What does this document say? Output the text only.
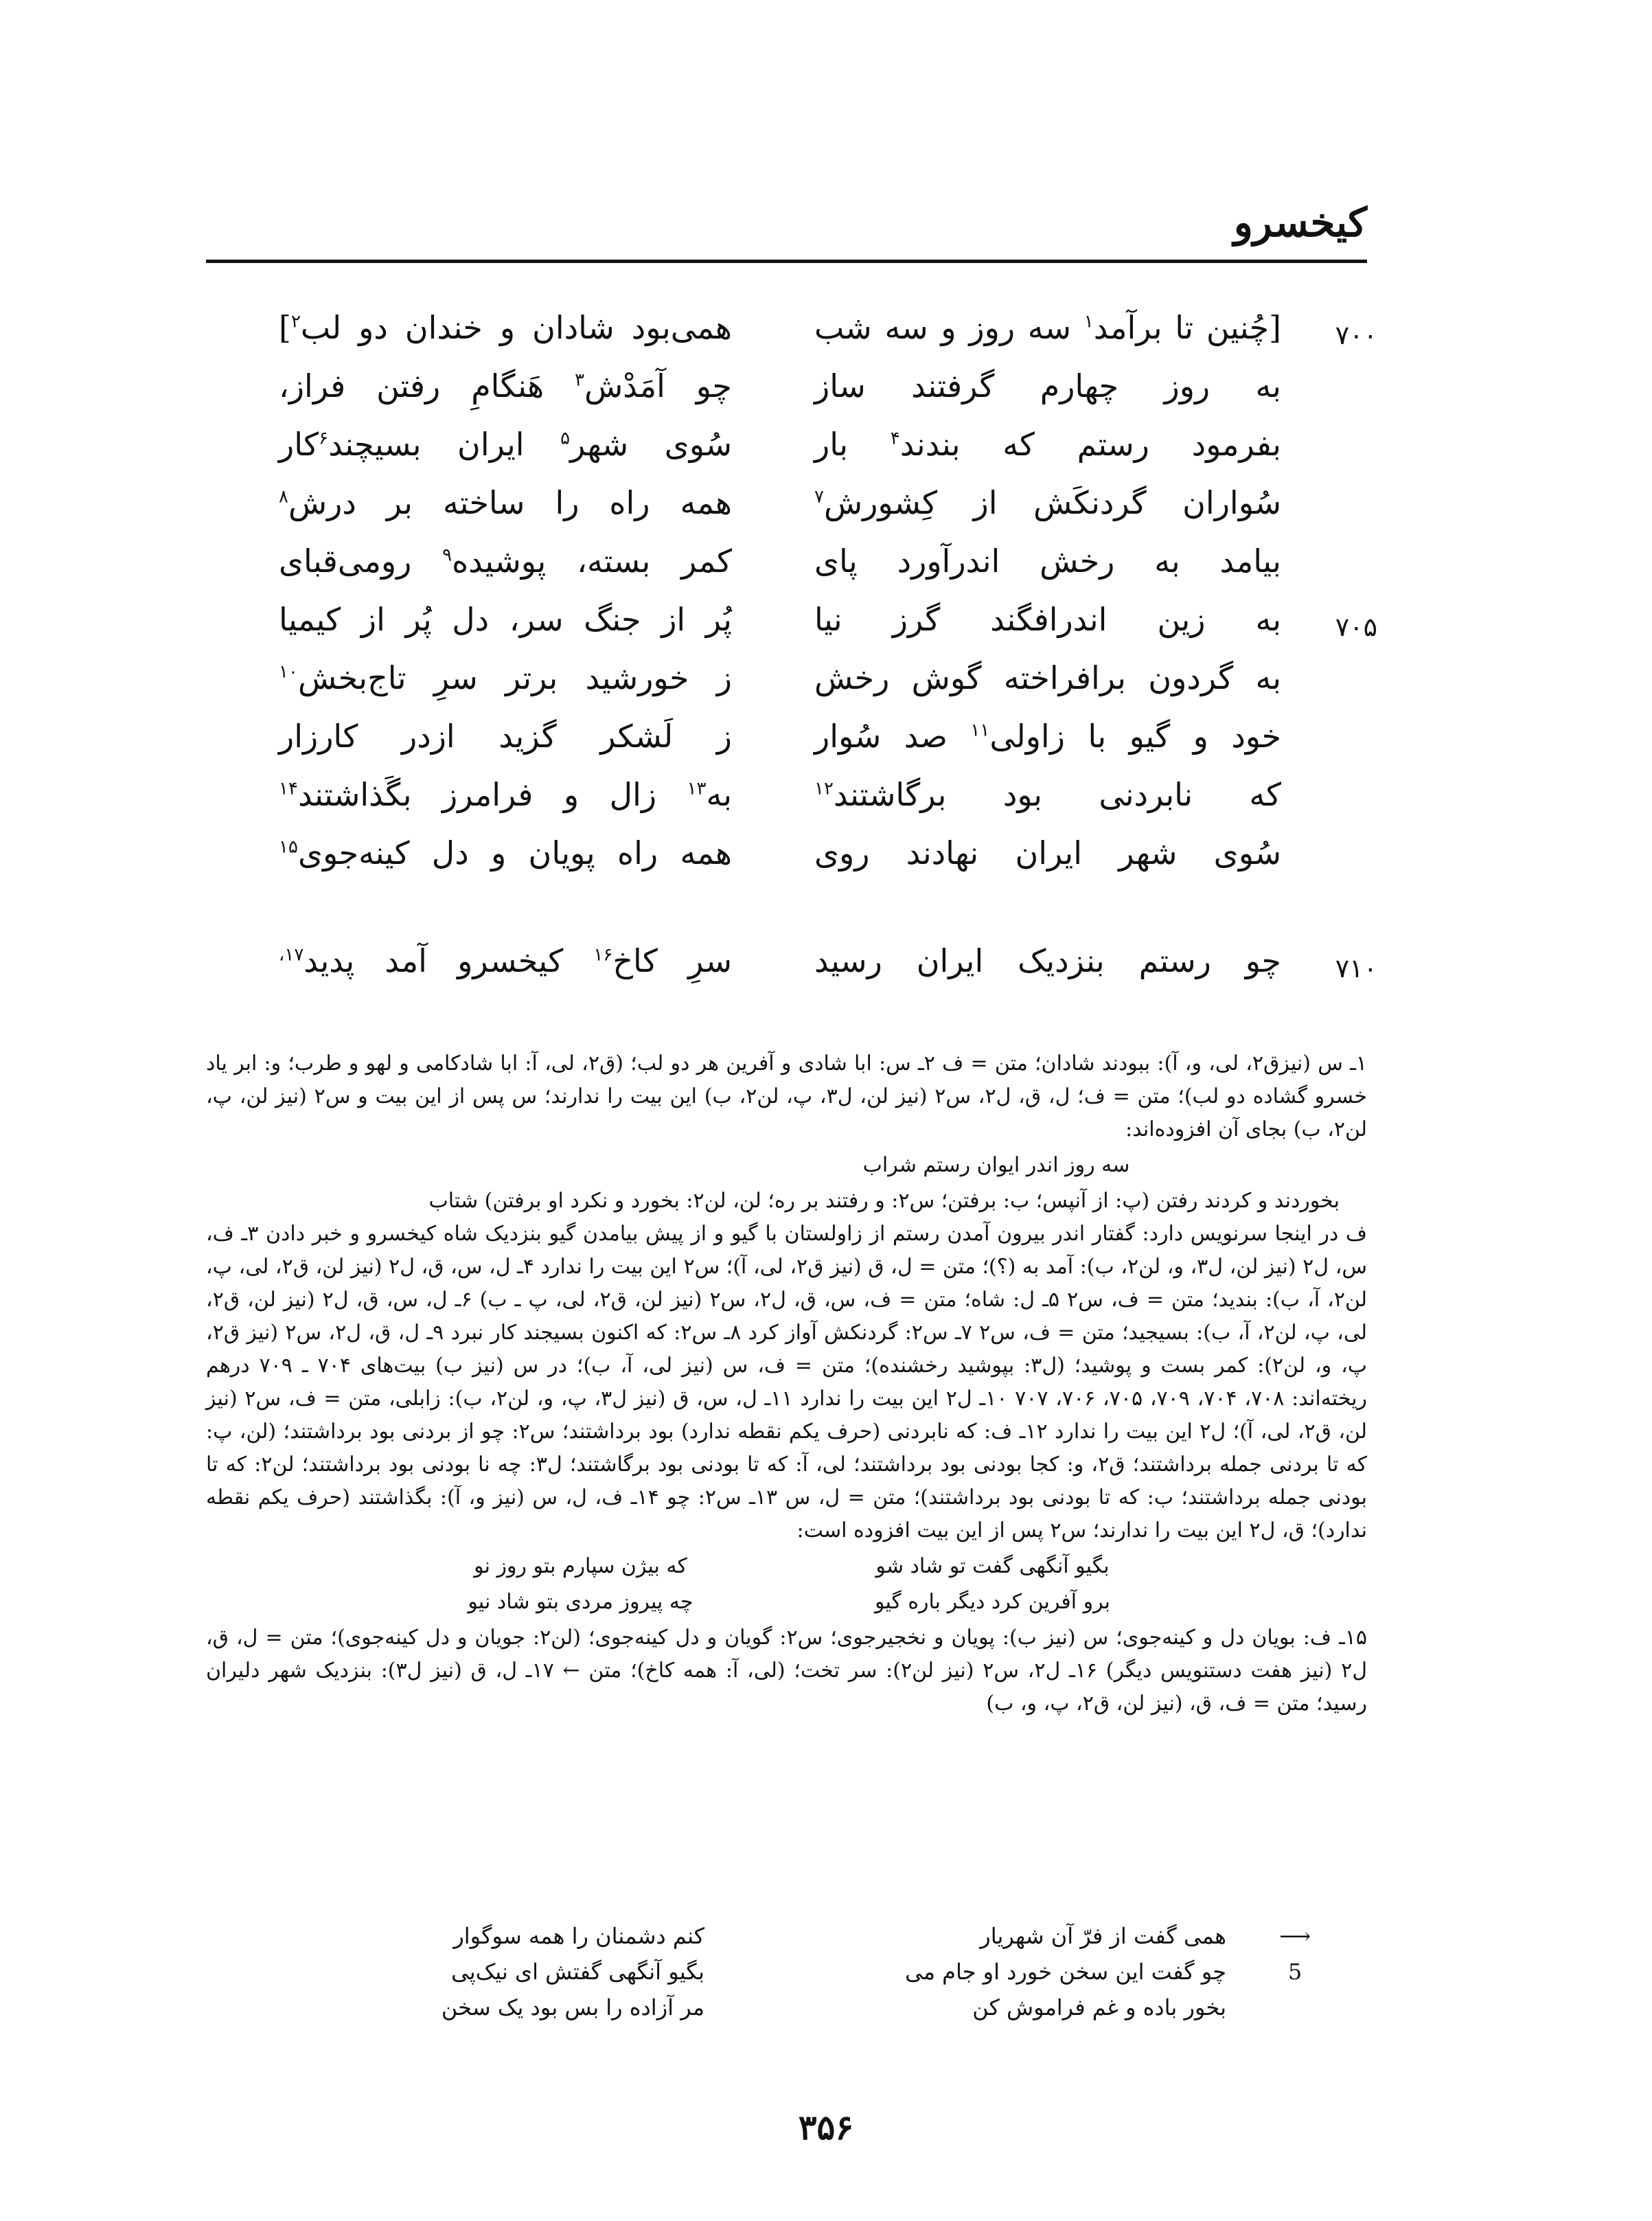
کیخسرو
۷۰۰
[چُنین تا برآمد$^۱$ سه روز و سه شب
همی‌بود شادان و خندان دو لب$^۲$]
به روز چهارم گرفتند ساز
چو آمَدْش$^۳$ هَنگامِ رفتن فراز،
بفرمود رستم که بندند$^۴$ بار
سُوی شهر$^۵$ ایران بسیچند$^۶$کار
سُواران گردنکَش از کِشورش$^۷$
همه راه را ساخته بر درش$^۸$
بیامد به رخش اندرآورد پای
کمر بسته، پوشیده$^۹$ رومی‌قبای
۷۰۵
به زین اندرافگند گرز نیا
پُر از جنگ سر، دل پُر از کیمیا
به گردون برافراخته گوش رخش
ز خورشید برتر سرِ تاج‌بخش$^{۱۰}$
خود و گیو با زاولی$^{۱۱}$ صد سُوار
ز لَشکر گزید ازدر کارزار
که نابردنی بود برگاشتند$^{۱۲}$
به$^{۱۳}$ زال و فرامرز بگَذاشتند$^{۱۴}$
سُوی شهر ایران نهادند روی
همه راه پویان و دل کینه‌جوی$^{۱۵}$
۷۱۰
چو رستم بنزدیک ایران رسید
سرِ کاخ$^{۱۶}$ کیخسرو آمد پدید$^{۱۷،}$

۱ـ س (نیزق۲، لی، و، آ): ببودند شادان؛ متن = ف ۲ـ س: ابا شادی و آفرین هر دو لب؛ (ق۲، لی، آ: ابا شادکامی و لهو و طرب؛ و: ابر یاد خسرو گشاده دو لب)؛ متن = ف؛ ل، ق، ل۲، س۲ (نیز لن، ل۳، پ، لن۲، ب) این بیت را ندارند؛ س پس از این بیت و س۲ (نیز لن، پ، لن۲، ب) بجای آن افزوده‌اند:

سه روز اندر ایوان رستم شراب

بخوردند و کردند رفتن (پ: از آنپس؛ ب: برفتن؛ س۲: و رفتند بر ره؛ لن، لن۲: بخورد و نکرد او برفتن) شتاب

ف در اینجا سرنویس دارد: گفتار اندر بیرون آمدن رستم از زاولستان با گیو و از پیش بیامدن گیو بنزدیک شاه کیخسرو و خبر دادن ۳ـ ف، س، ل۲ (نیز لن، ل۳، و، لن۲، ب): آمد به (؟)؛ متن = ل، ق (نیز ق۲، لی، آ)؛ س۲ این بیت را ندارد ۴ـ ل، س، ق، ل۲ (نیز لن، ق۲، لی، پ، لن۲، آ، ب): بندید؛ متن = ف، س۲ ۵ـ ل: شاه؛ متن = ف، س، ق، ل۲، س۲ (نیز لن، ق۲، لی، پ ـ ب) ۶ـ ل، س، ق، ل۲ (نیز لن، ق۲، لی، پ، لن۲، آ، ب): بسیجید؛ متن = ف، س۲ ۷ـ س۲: گردنکش آواز کرد ۸ـ س۲: که اکنون بسیجند کار نبرد ۹ـ ل، ق، ل۲، س۲ (نیز ق۲، پ، و، لن۲): کمر بست و پوشید؛ (ل۳: بپوشید رخشنده)؛ متن = ف، س (نیز لی، آ، ب)؛ در س (نیز ب) بیت‌های ۷۰۴ ـ ۷۰۹ درهم ریخته‌اند: ۷۰۸، ۷۰۴، ۷۰۹، ۷۰۵، ۷۰۶، ۷۰۷ ۱۰ـ ل۲ این بیت را ندارد ۱۱ـ ل، س، ق (نیز ل۳، پ، و، لن۲، ب): زابلی، متن = ف، س۲ (نیز لن، ق۲، لی، آ)؛ ل۲ این بیت را ندارد ۱۲ـ ف: که نابردنی (حرف یکم نقطه ندارد) بود برداشتند؛ س۲: چو از بردنی بود برداشتند؛ (لن، پ: که تا بردنی جمله برداشتند؛ ق۲، و: کجا بودنی بود برداشتند؛ لی، آ: که تا بودنی بود برگاشتند؛ ل۳: چه نا بودنی بود برداشتند؛ لن۲: که تا بودنی جمله برداشتند؛ ب: که تا بودنی بود برداشتند)؛ متن = ل، س ۱۳ـ س۲: چو ۱۴ـ ف، ل، س (نیز و، آ): بگذاشتند (حرف یکم نقطه ندارد)؛ ق، ل۲ این بیت را ندارند؛ س۲ پس از این بیت افزوده است:

بگیو آنگهی گفت تو شاد شو
که بیژن سپارم بتو روز نو
برو آفرین کرد دیگر باره گیو
چه پیروز مردی بتو شاد نیو

۱۵ـ ف: بویان دل و کینه‌جوی؛ س (نیز ب): پویان و نخجیرجوی؛ س۲: گویان و دل کینه‌جوی؛ (لن۲: جویان و دل کینه‌جوی)؛ متن = ل، ق، ل۲ (نیز هفت دستنویس دیگر) ۱۶ـ ل۲، س۲ (نیز لن۲): سر تخت؛ (لی، آ: همه کاخ)؛ متن ← ۱۷ـ ل، ق (نیز ل۳): بنزدیک شهر دلیران رسید؛ متن = ف، ق، (نیز لن، ق۲، پ، و، ب)

⟶
همی گفت از فرّ آن شهریار
کنم دشمنان را همه سوگوار
5
چو گفت این سخن خورد او جام می
بگیو آنگهی گفتش ای نیک‌پی
بخور باده و غم فراموش کن
مر آزاده را بس بود یک سخن
۳۵۶
